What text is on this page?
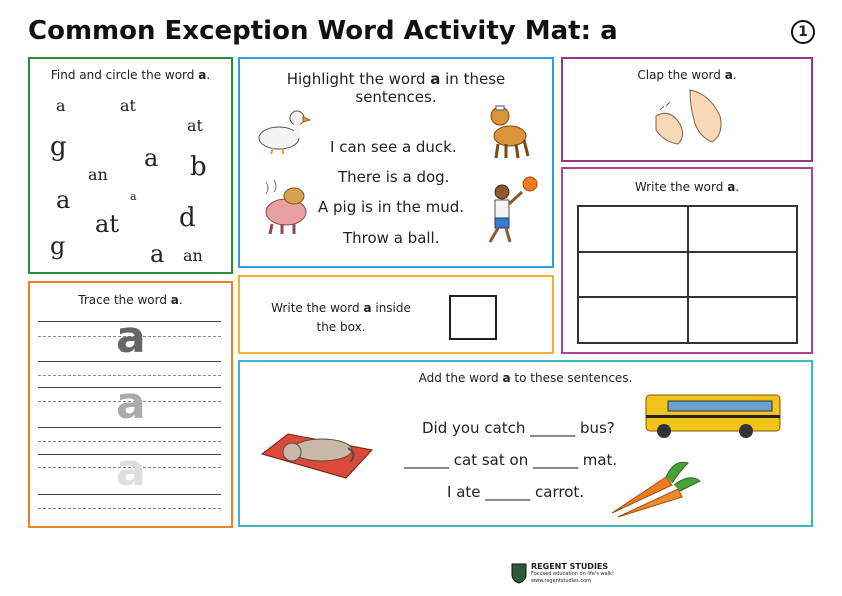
Common Exception Word Activity Mat: a	1
Find and circle the word a.
a	at
at
g	a b
an
a
a
at d
g	a an
Highlight the word a in these
sentences.
I can see a duck.
There is a dog.
A pig is in the mud.
Throw a ball.
Clap the word a.
Write the word a.
Trace the word a.
a
a
a
Write the word a inside
the box.
Add the word a to these sentences.
Did you catch ______ bus?
______ cat sat on ______ mat.
I ate ______ carrot.
REGENT STUDIES
Focused education on life's walk!
www.regentstudies.com
